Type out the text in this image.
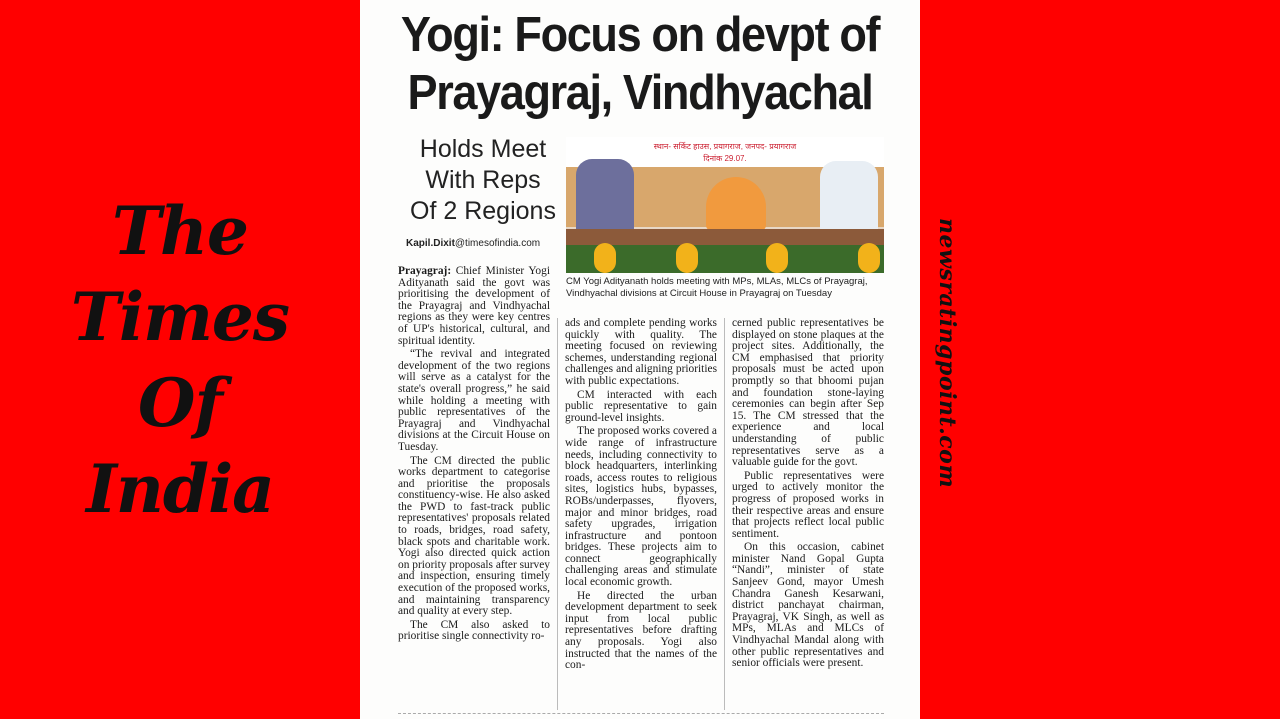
The
Times
Of
India
Yogi: Focus on devpt of
Prayagraj, Vindhyachal
Holds Meet
With Reps
Of 2 Regions
Kapil.Dixit@timesofindia.com
स्थान- सर्किट हाउस, प्रयागराज, जनपद- प्रयागराज
दिनांक 29.07.
CM Yogi Adityanath holds meeting with MPs, MLAs, MLCs of Prayagraj, Vindhyachal divisions at Circuit House in Prayagraj on Tuesday

Prayagraj: Chief Minister Yogi Adityanath said the govt was prioritising the development of the Prayagraj and Vindhyachal regions as they were key centres of UP's historical, cultural, and spiritual identity.

“The revival and integrated development of the two regions will serve as a catalyst for the state's overall progress,” he said while holding a meeting with public representatives of the Prayagraj and Vindhyachal divisions at the Circuit House on Tuesday.

The CM directed the public works department to categorise and prioritise the proposals constituency-wise. He also asked the PWD to fast-track public representatives' proposals related to roads, bridges, road safety, black spots and charitable work. Yogi also directed quick action on priority proposals after survey and inspection, ensuring timely execution of the proposed works, and maintaining transparency and quality at every step.

The CM also asked to prioritise single connectivity ro-

ads and complete pending works quickly with quality. The meeting focused on reviewing schemes, understanding regional challenges and aligning priorities with public expectations.

CM interacted with each public representative to gain ground-level insights.

The proposed works covered a wide range of infrastructure needs, including connectivity to block headquarters, interlinking roads, access routes to religious sites, logistics hubs, bypasses, ROBs/underpasses, flyovers, major and minor bridges, road safety upgrades, irrigation infrastructure and pontoon bridges. These projects aim to connect geographically challenging areas and stimulate local economic growth.

He directed the urban development department to seek input from local public representatives before drafting any proposals. Yogi also instructed that the names of the con-

cerned public representatives be displayed on stone plaques at the project sites. Additionally, the CM emphasised that priority proposals must be acted upon promptly so that bhoomi pujan and foundation stone-laying ceremonies can begin after Sep 15. The CM stressed that the experience and local understanding of public representatives serve as a valuable guide for the govt.

Public representatives were urged to actively monitor the progress of proposed works in their respective areas and ensure that projects reflect local public sentiment.

On this occasion, cabinet minister Nand Gopal Gupta “Nandi”, minister of state Sanjeev Gond, mayor Umesh Chandra Ganesh Kesarwani, district panchayat chairman, Prayagraj, VK Singh, as well as MPs, MLAs and MLCs of Vindhyachal Mandal along with other public representatives and senior officials were present.

newsratingpoint.com
